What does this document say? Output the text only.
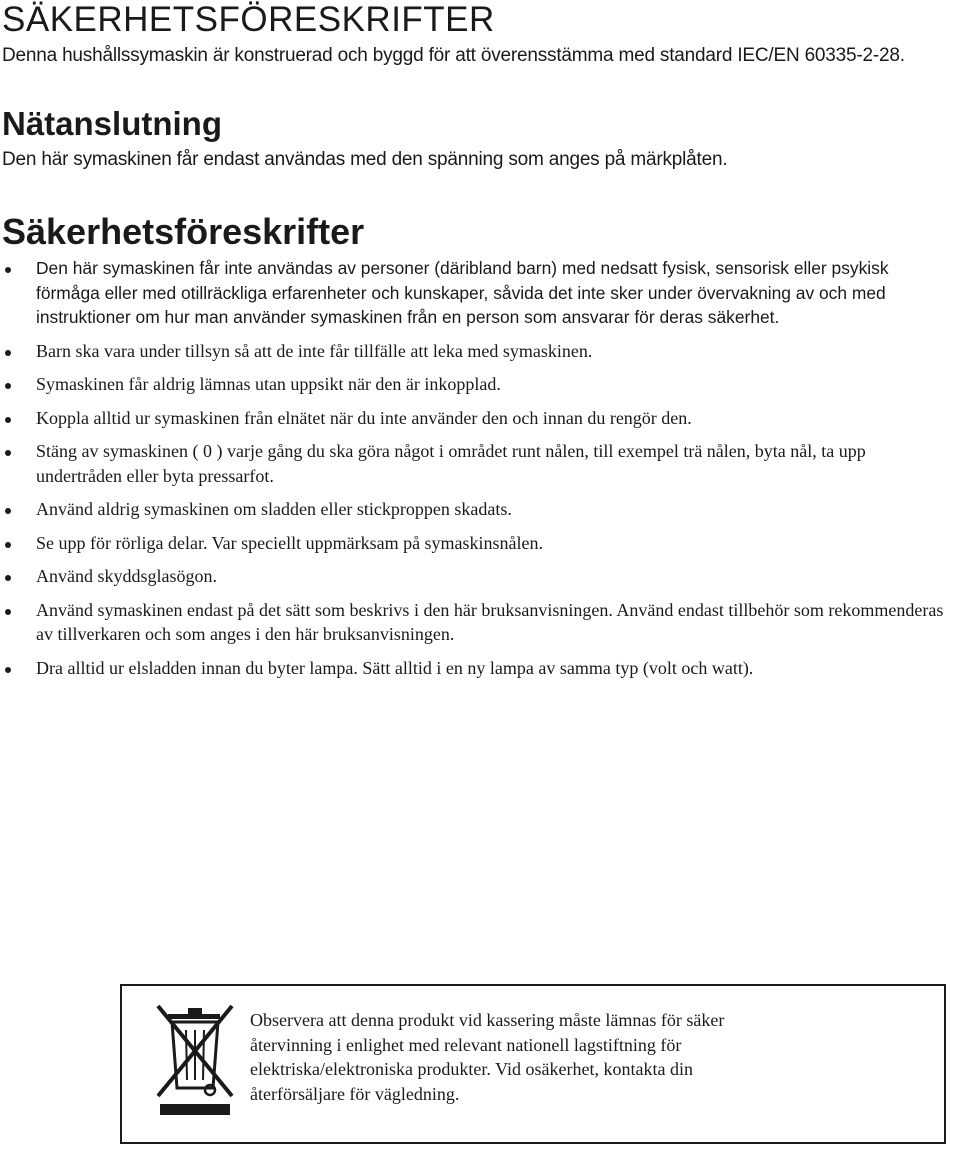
SÄKERHETSFÖRESKRIFTER

Denna hushållssymaskin är konstruerad och byggd för att överensstämma med standard IEC/EN 60335-2-28.

Nätanslutning

Den här symaskinen får endast användas med den spänning som anges på märkplåten.

Säkerhetsföreskrifter
Den här symaskinen får inte användas av personer (däribland barn) med nedsatt fysisk, sensorisk eller psykisk förmåga eller med otillräckliga erfarenheter och kunskaper, såvida det inte sker under övervakning av och med instruktioner om hur man använder symaskinen från en person som ansvarar för deras säkerhet.
Barn ska vara under tillsyn så att de inte får tillfälle att leka med symaskinen.
Symaskinen får aldrig lämnas utan uppsikt när den är inkopplad.
Koppla alltid ur symaskinen från elnätet när du inte använder den och innan du rengör den.
Stäng av symaskinen ( 0 ) varje gång du ska göra något i området runt nålen, till exempel trä nålen, byta nål, ta upp undertråden eller byta pressarfot.
Använd aldrig symaskinen om sladden eller stickproppen skadats.
Se upp för rörliga delar. Var speciellt uppmärksam på symaskinsnålen.
Använd skyddsglasögon.
Använd symaskinen endast på det sätt som beskrivs i den här bruksanvisningen. Använd endast tillbehör som rekommenderas av tillverkaren och som anges i den här bruksanvisningen.
Dra alltid ur elsladden innan du byter lampa. Sätt alltid i en ny lampa av samma typ (volt och watt).
Observera att denna produkt vid kassering måste lämnas för säker återvinning i enlighet med relevant nationell lagstiftning för elektriska/elektroniska produkter. Vid osäkerhet, kontakta din återförsäljare för vägledning.
